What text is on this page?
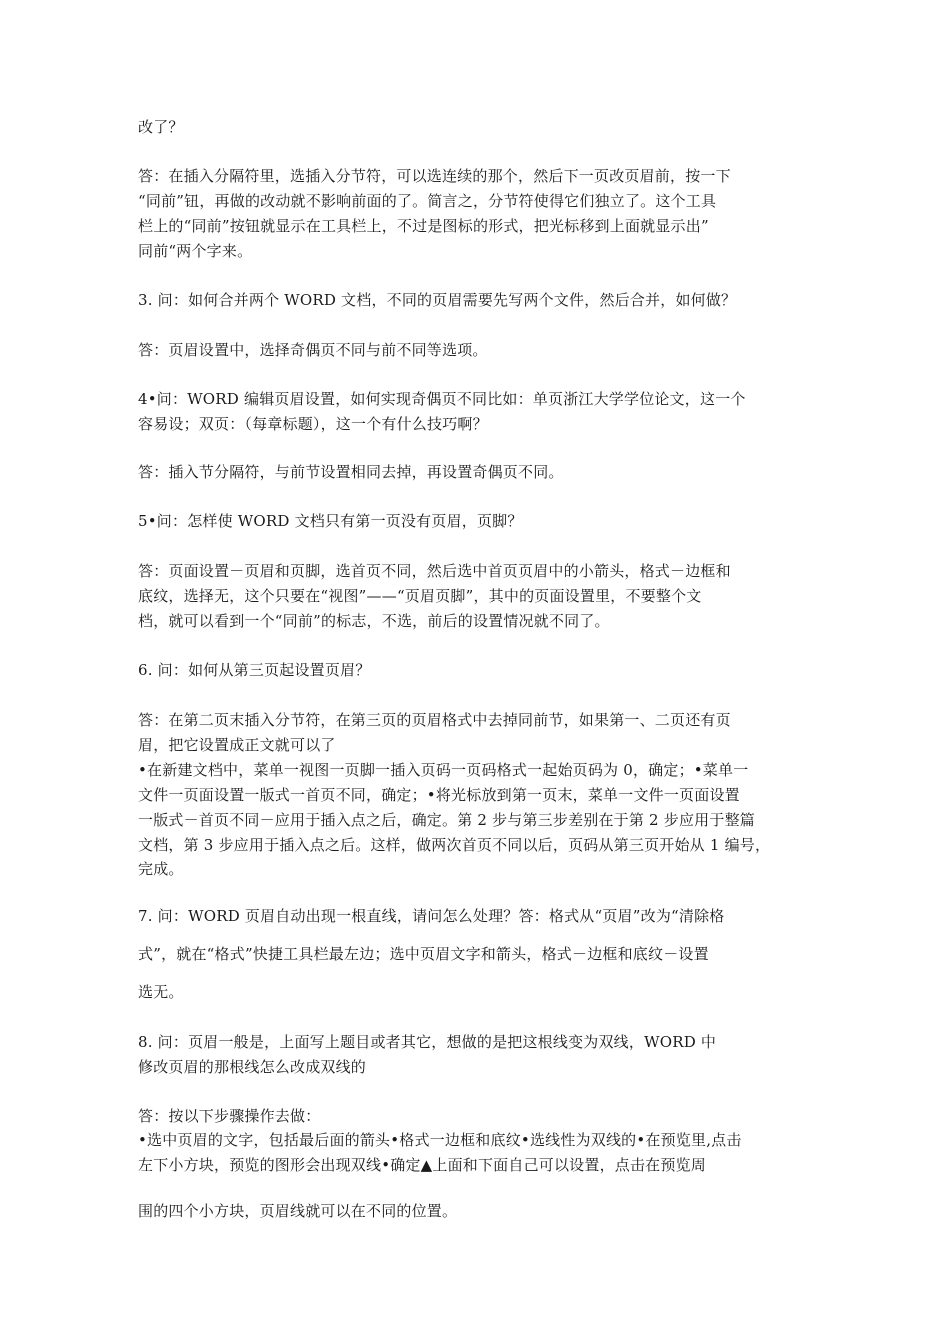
改了？
答：在插入分隔符里，选插入分节符，可以选连续的那个，然后下一页改页眉前，按一下
“同前”钮，再做的改动就不影响前面的了。简言之，分节符使得它们独立了。这个工具
栏上的“同前”按钮就显示在工具栏上，不过是图标的形式，把光标移到上面就显示出”
同前“两个字来。
3. 问：如何合并两个 WORD 文档，不同的页眉需要先写两个文件，然后合并，如何做？
答：页眉设置中，选择奇偶页不同与前不同等选项。
4•问：WORD 编辑页眉设置，如何实现奇偶页不同比如：单页浙江大学学位论文，这一个
容易设；双页：（每章标题），这一个有什么技巧啊？
答：插入节分隔符，与前节设置相同去掉，再设置奇偶页不同。
5•问：怎样使 WORD 文档只有第一页没有页眉，页脚？
答：页面设置－页眉和页脚，选首页不同，然后选中首页页眉中的小箭头，格式－边框和
底纹，选择无，这个只要在“视图”——“页眉页脚”，其中的页面设置里，不要整个文
档，就可以看到一个“同前”的标志，不选，前后的设置情况就不同了。
6. 问：如何从第三页起设置页眉？
答：在第二页末插入分节符，在第三页的页眉格式中去掉同前节，如果第一、二页还有页
眉，把它设置成正文就可以了
•在新建文档中，菜单一视图一页脚一插入页码一页码格式一起始页码为 0，确定；•菜单一
文件一页面设置一版式一首页不同，确定；•将光标放到第一页末，菜单一文件一页面设置
一版式－首页不同－应用于插入点之后，确定。第 2 步与第三步差别在于第 2 步应用于整篇
文档，第 3 步应用于插入点之后。这样，做两次首页不同以后，页码从第三页开始从 1 编号，
完成。
7. 问：WORD 页眉自动出现一根直线，请问怎么处理？答：格式从“页眉”改为“清除格
式”，就在“格式”快捷工具栏最左边；选中页眉文字和箭头，格式－边框和底纹－设置
选无。
8. 问：页眉一般是，上面写上题目或者其它，想做的是把这根线变为双线，WORD 中
修改页眉的那根线怎么改成双线的
答：按以下步骤操作去做：
•选中页眉的文字，包括最后面的箭头•格式一边框和底纹•选线性为双线的•在预览里,点击
左下小方块，预览的图形会出现双线•确定▲上面和下面自己可以设置，点击在预览周
围的四个小方块，页眉线就可以在不同的位置。
